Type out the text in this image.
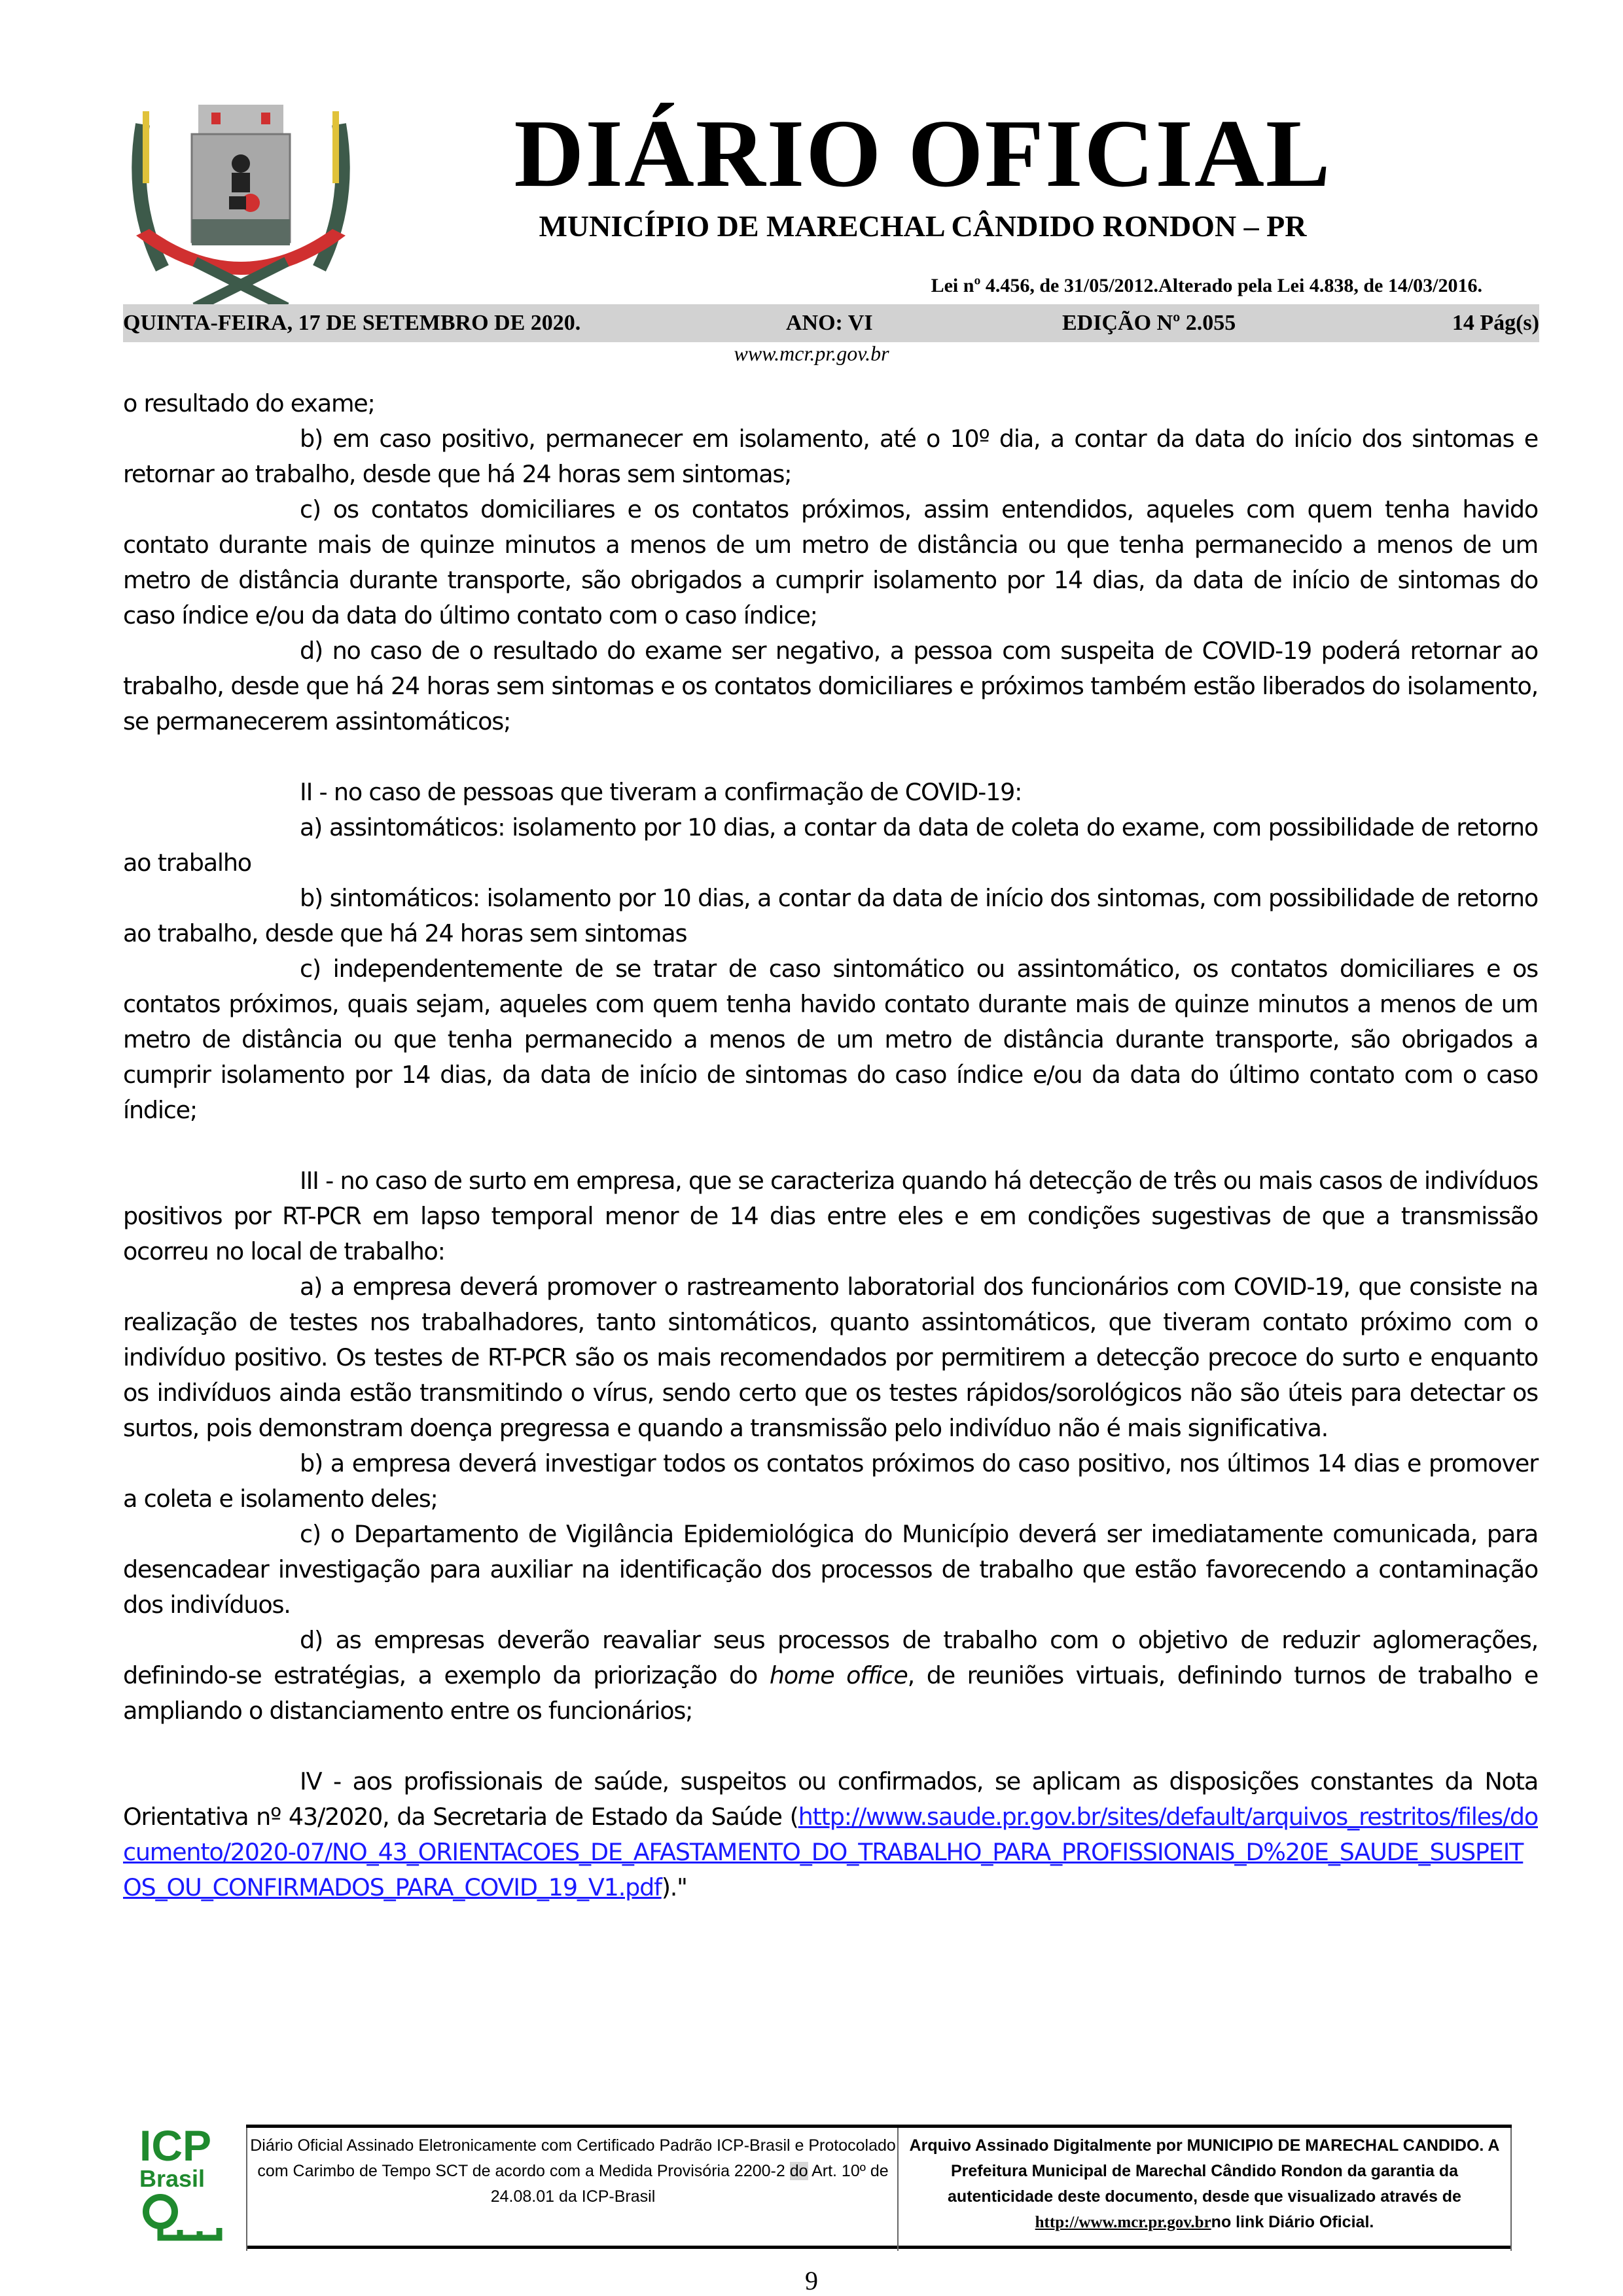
DIÁRIO OFICIAL
MUNICÍPIO DE MARECHAL CÂNDIDO RONDON – PR
Lei nº 4.456, de 31/05/2012.Alterado pela Lei 4.838, de 14/03/2016.
QUINTA-FEIRA, 17 DE SETEMBRO DE 2020.	ANO: VI	EDIÇÃO Nº 2.055	14 Pág(s)
www.mcr.pr.gov.br

o resultado do exame;

b) em caso positivo, permanecer em isolamento, até o 10º dia, a contar da data do início dos sintomas e retornar ao trabalho, desde que há 24 horas sem sintomas;

c) os contatos domiciliares e os contatos próximos, assim entendidos, aqueles com quem tenha havido contato durante mais de quinze minutos a menos de um metro de distância ou que tenha permanecido a menos de um metro de distância durante transporte, são obrigados a cumprir isolamento por 14 dias, da data de início de sintomas do caso índice e/ou da data do último contato com o caso índice;

d) no caso de o resultado do exame ser negativo, a pessoa com suspeita de COVID-19 poderá retornar ao trabalho, desde que há 24 horas sem sintomas e os contatos domiciliares e próximos também estão liberados do isolamento, se permanecerem assintomáticos;

II - no caso de pessoas que tiveram a confirmação de COVID-19:

a) assintomáticos: isolamento por 10 dias, a contar da data de coleta do exame, com possibilidade de retorno ao trabalho

b) sintomáticos: isolamento por 10 dias, a contar da data de início dos sintomas, com possibilidade de retorno ao trabalho, desde que há 24 horas sem sintomas

c) independentemente de se tratar de caso sintomático ou assintomático, os contatos domiciliares e os contatos próximos, quais sejam, aqueles com quem tenha havido contato durante mais de quinze minutos a menos de um metro de distância ou que tenha permanecido a menos de um metro de distância durante transporte, são obrigados a cumprir isolamento por 14 dias, da data de início de sintomas do caso índice e/ou da data do último contato com o caso índice;

III - no caso de surto em empresa, que se caracteriza quando há detecção de três ou mais casos de indivíduos positivos por RT-PCR em lapso temporal menor de 14 dias entre eles e em condições sugestivas de que a transmissão ocorreu no local de trabalho:

a) a empresa deverá promover o rastreamento laboratorial dos funcionários com COVID-19, que consiste na realização de testes nos trabalhadores, tanto sintomáticos, quanto assintomáticos, que tiveram contato próximo com o indivíduo positivo. Os testes de RT-PCR são os mais recomendados por permitirem a detecção precoce do surto e enquanto os indivíduos ainda estão transmitindo o vírus, sendo certo que os testes rápidos/sorológicos não são úteis para detectar os surtos, pois demonstram doença pregressa e quando a transmissão pelo indivíduo não é mais significativa.

b) a empresa deverá investigar todos os contatos próximos do caso positivo, nos últimos 14 dias e promover a coleta e isolamento deles;

c) o Departamento de Vigilância Epidemiológica do Município deverá ser imediatamente comunicada, para desencadear investigação para auxiliar na identificação dos processos de trabalho que estão favorecendo a contaminação dos indivíduos.

d) as empresas deverão reavaliar seus processos de trabalho com o objetivo de reduzir aglomerações, definindo-se estratégias, a exemplo da priorização do home office, de reuniões virtuais, definindo turnos de trabalho e ampliando o distanciamento entre os funcionários;

IV - aos profissionais de saúde, suspeitos ou confirmados, se aplicam as disposições constantes da Nota Orientativa nº 43/2020, da Secretaria de Estado da Saúde (http://www.saude.pr.gov.br/sites/default/arquivos_restritos/files/documento/2020-07/NO_43_ORIENTACOES_DE_AFASTAMENTO_DO_TRABALHO_PARA_PROFISSIONAIS_D%20E_SAUDE_SUSPEITOS_OU_CONFIRMADOS_PARA_COVID_19_V1.pdf)."

ICP
Brasil
Diário Oficial Assinado Eletronicamente com Certificado Padrão ICP-Brasil e Protocolado com Carimbo de Tempo SCT de acordo com a Medida Provisória 2200-2 do Art. 10º de 24.08.01 da ICP-Brasil
Arquivo Assinado Digitalmente por MUNICIPIO DE MARECHAL CANDIDO. A Prefeitura Municipal de Marechal Cândido Rondon da garantia da autenticidade deste documento, desde que visualizado através de
http://www.mcr.pr.gov.brno link Diário Oficial.
9
